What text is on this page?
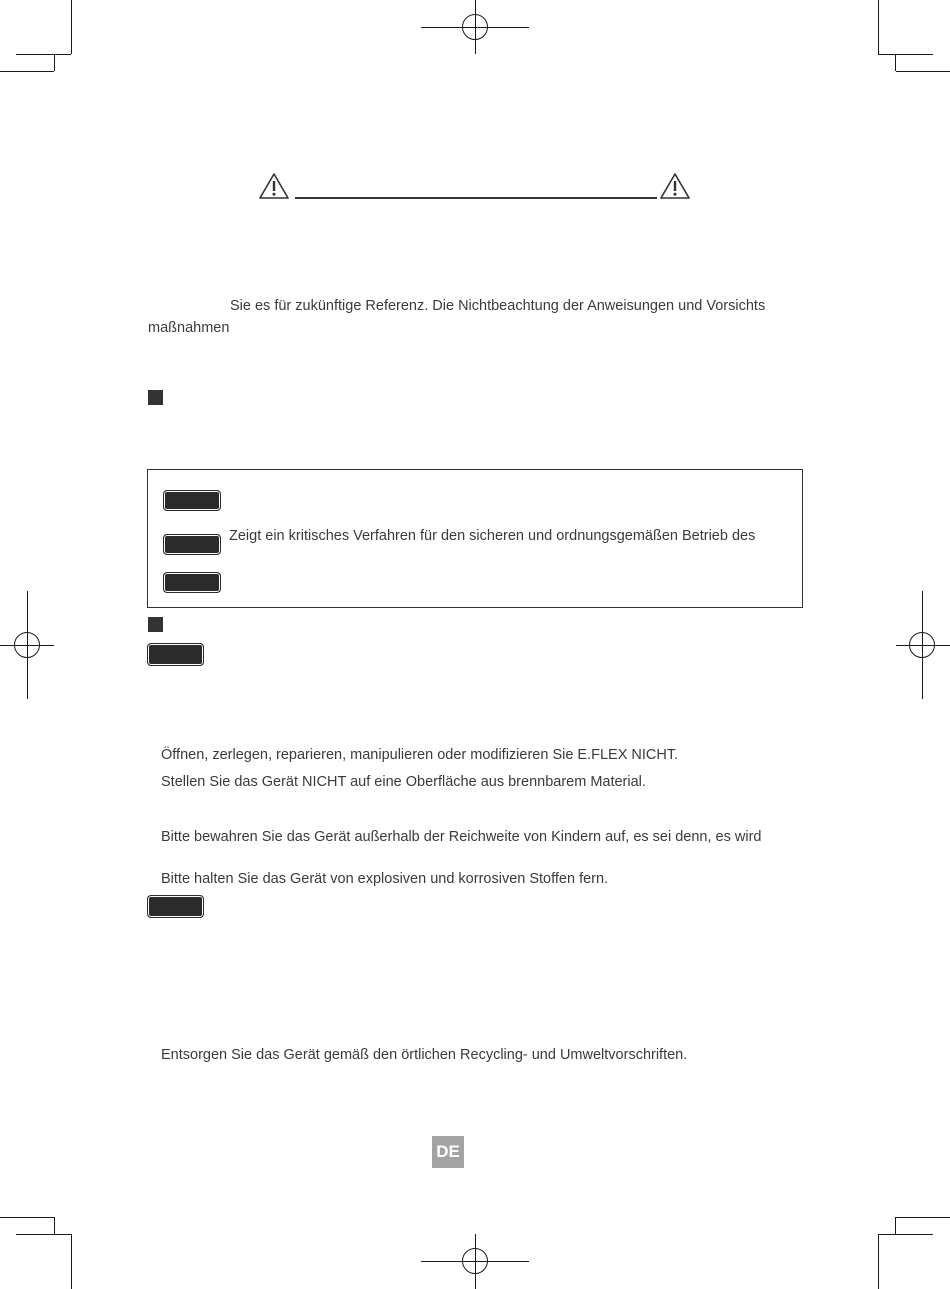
Sie es für zukünftige Referenz. Die Nichtbeachtung der Anweisungen und Vorsichts
maßnahmen
Zeigt ein kritisches Verfahren für den sicheren und ordnungsgemäßen Betrieb des
Öffnen, zerlegen, reparieren, manipulieren oder modifizieren Sie E.FLEX NICHT.
Stellen Sie das Gerät NICHT auf eine Oberfläche aus brennbarem Material.
Bitte bewahren Sie das Gerät außerhalb der Reichweite von Kindern auf, es sei denn, es wird
Bitte halten Sie das Gerät von explosiven und korrosiven Stoffen fern.
Entsorgen Sie das Gerät gemäß den örtlichen Recycling- und Umweltvorschriften.
DE
